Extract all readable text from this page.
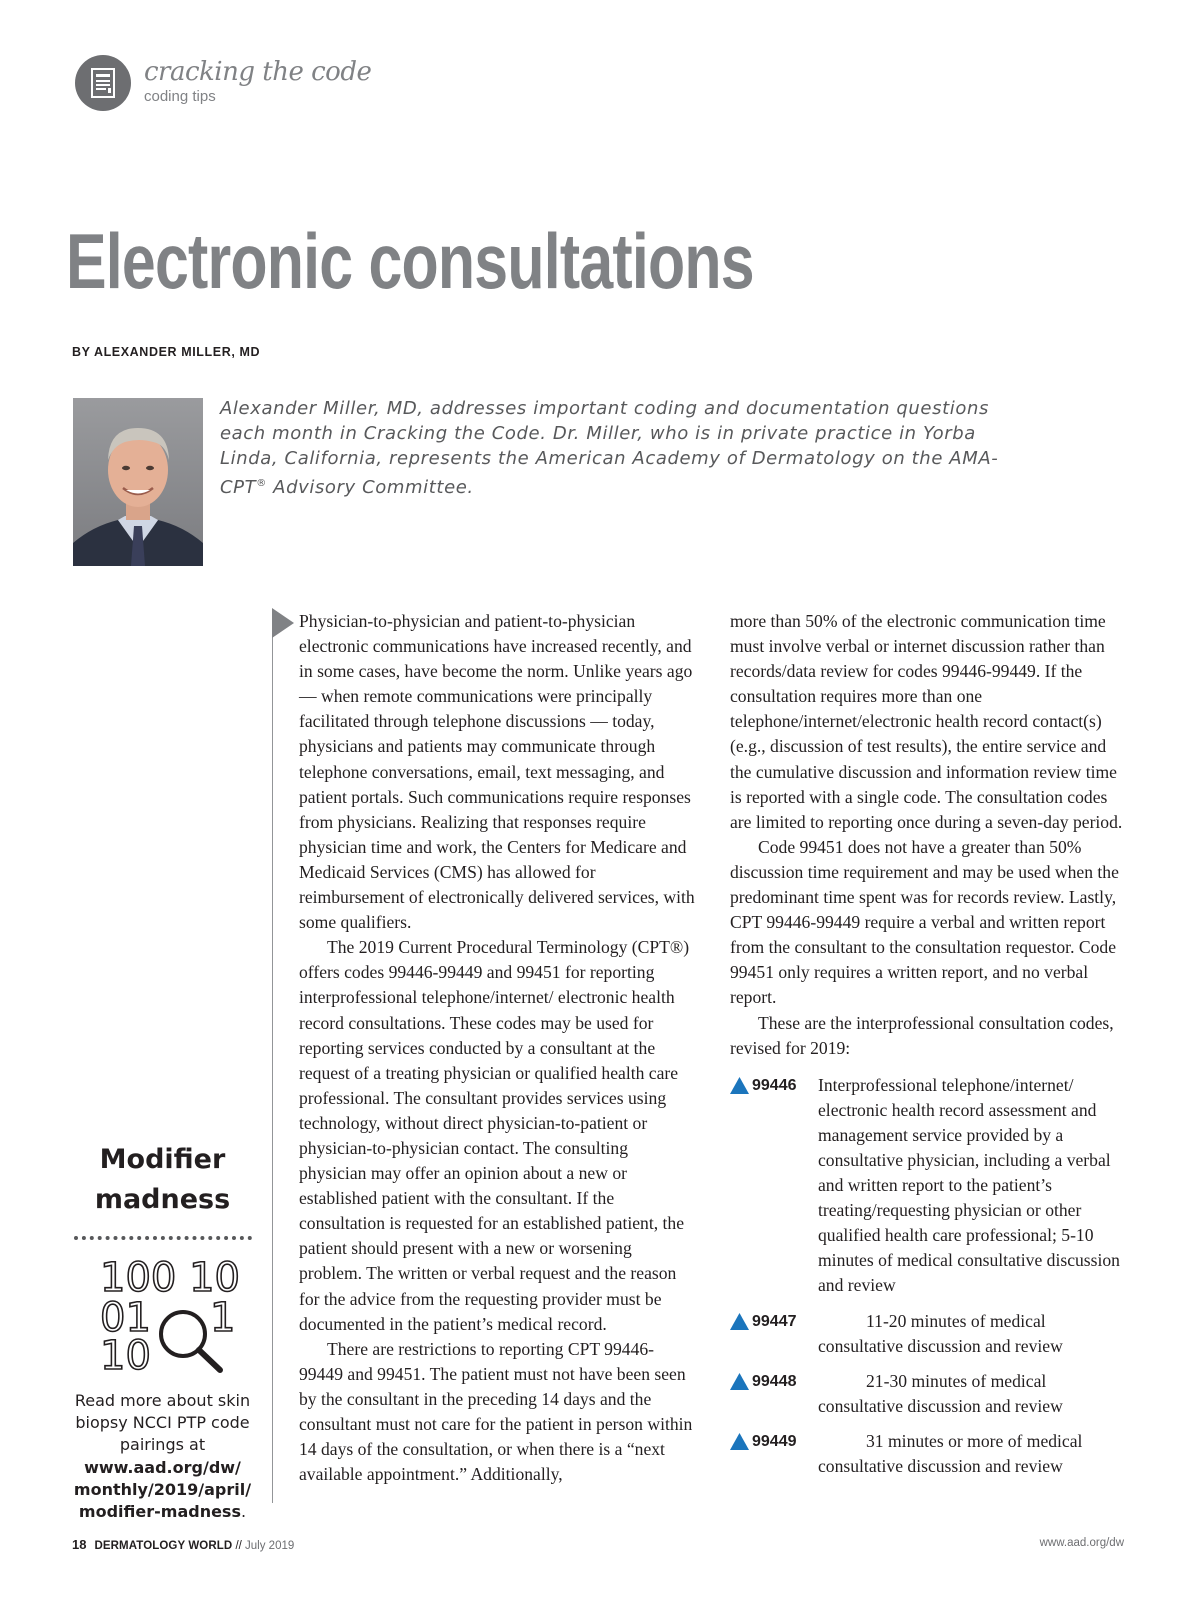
cracking the code
coding tips
Electronic consultations
BY ALEXANDER MILLER, MD

Alexander Miller, MD, addresses important coding and documentation questions each month in Cracking the Code. Dr. Miller, who is in private practice in Yorba Linda, California, represents the American Academy of Dermatology on the AMA-CPT® Advisory Committee.

Modifier
madness
100 10
01 1
10

Read more about skin biopsy NCCI PTP code pairings at www.aad.org/dw/ monthly/2019/april/ modifier-madness.

Physician-to-physician and patient-to-physician electronic communications have increased recently, and in some cases, have become the norm. Unlike years ago — when remote communications were principally facilitated through telephone discussions — today, physicians and patients may communicate through telephone conversations, email, text messaging, and patient portals. Such communications require responses from physicians. Realizing that responses require physician time and work, the Centers for Medicare and Medicaid Services (CMS) has allowed for reimbursement of electronically delivered services, with some qualifiers.

The 2019 Current Procedural Terminology (CPT®) offers codes 99446-99449 and 99451 for reporting interprofessional telephone/internet/ electronic health record consultations. These codes may be used for reporting services conducted by a consultant at the request of a treating physician or qualified health care professional. The consultant provides services using technology, without direct physician-to-patient or physician-to-physician contact. The consulting physician may offer an opinion about a new or established patient with the consultant. If the consultation is requested for an established patient, the patient should present with a new or worsening problem. The written or verbal request and the reason for the advice from the requesting provider must be documented in the patient’s medical record.

There are restrictions to reporting CPT 99446-99449 and 99451. The patient must not have been seen by the consultant in the preceding 14 days and the consultant must not care for the patient in person within 14 days of the consultation, or when there is a “next available appointment.” Additionally,

more than 50% of the electronic communication time must involve verbal or internet discussion rather than records/data review for codes 99446-99449. If the consultation requires more than one telephone/internet/electronic health record contact(s) (e.g., discussion of test results), the entire service and the cumulative discussion and information review time is reported with a single code. The consultation codes are limited to reporting once during a seven-day period.

Code 99451 does not have a greater than 50% discussion time requirement and may be used when the predominant time spent was for records review. Lastly, CPT 99446-99449 require a verbal and written report from the consultant to the consultation requestor. Code 99451 only requires a written report, and no verbal report.

These are the interprofessional consultation codes, revised for 2019:

99446 Interprofessional telephone/internet/ electronic health record assessment and management service provided by a consultative physician, including a verbal and written report to the patient’s treating/requesting physician or other qualified health care professional; 5-10 minutes of medical consultative discussion and review
99447	11-20 minutes of medical consultative discussion and review
99448	21-30 minutes of medical consultative discussion and review
99449	31 minutes or more of medical consultative discussion and review
18 DERMATOLOGY WORLD // July 2019	www.aad.org/dw
